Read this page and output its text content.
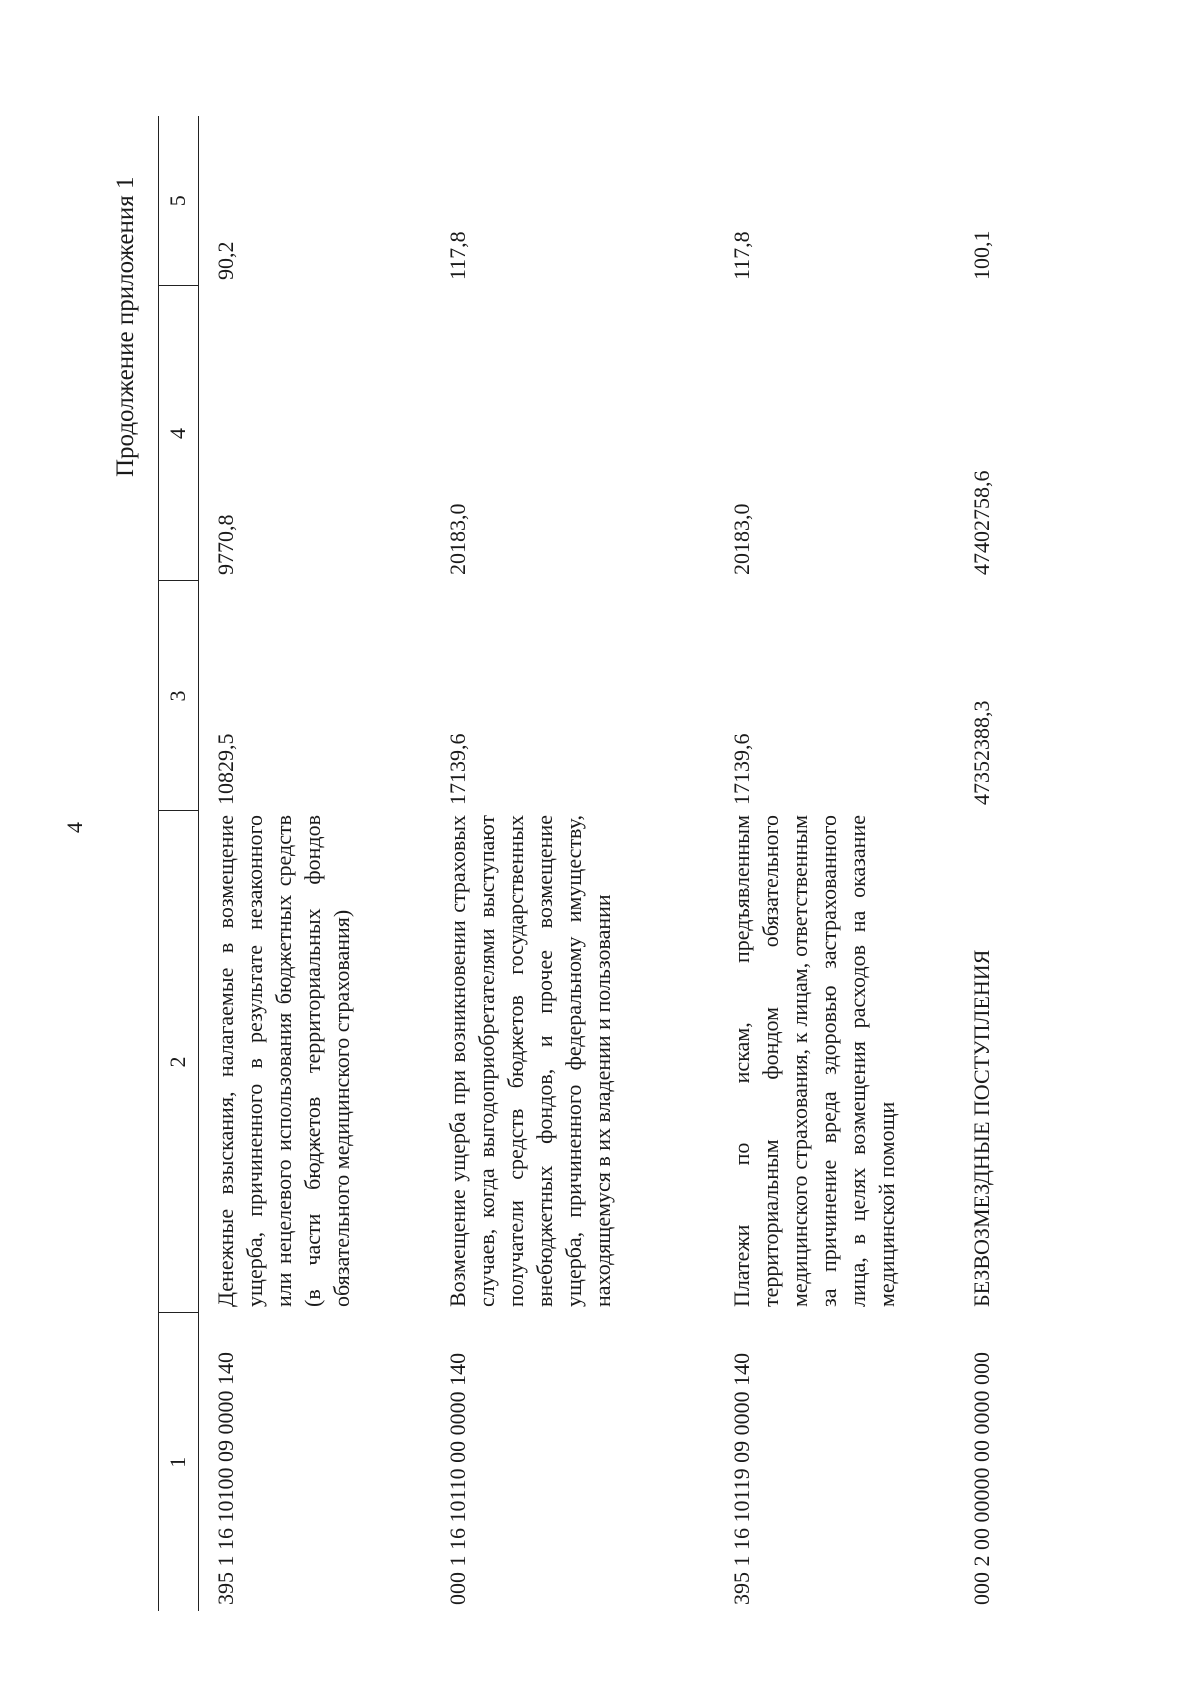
4
Продолжение приложения 1
1	2	3	4	5
395 1 16 10100 09 0000 140	Денежные взыскания, налагаемые в возмещение ущерба, причиненного в результате незаконного или нецелевого использования бюджетных средств (в части бюджетов территориальных фондов обязательного медицинского страхования)	10829,5	9770,8	90,2
000 1 16 10110 00 0000 140	Возмещение ущерба при возникновении страховых случаев, когда выгодоприобретателями выступают получатели средств бюджетов государственных внебюджетных фондов, и прочее возмещение ущерба, причиненного федеральному имуществу, находящемуся в их владении и пользовании	17139,6	20183,0	117,8
395 1 16 10119 09 0000 140	Платежи по искам, предъявленным территориальным фондом обязательного медицинского страхования, к лицам, ответственным за причинение вреда здоровью застрахованного лица, в целях возмещения расходов на оказание медицинской помощи	17139,6	20183,0	117,8
000 2 00 00000 00 0000 000	БЕЗВОЗМЕЗДНЫЕ ПОСТУПЛЕНИЯ	47352388,3	47402758,6	100,1
